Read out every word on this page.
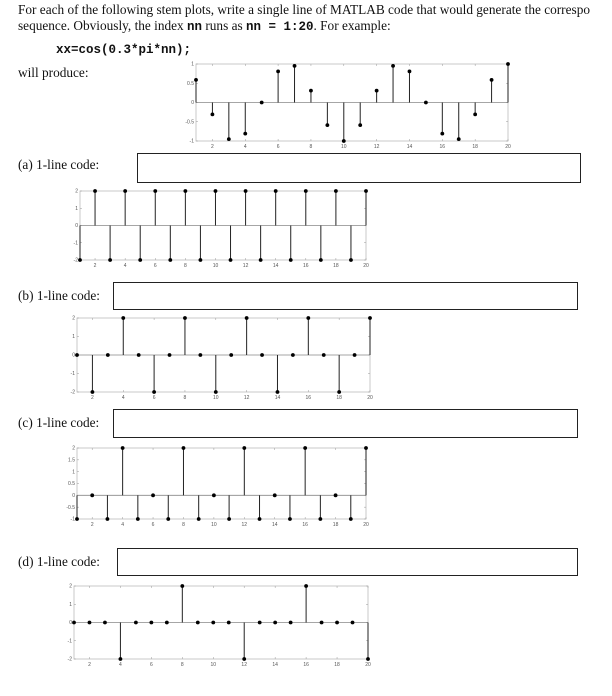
For each of the following stem plots, write a single line of MATLAB code that would generate the correspo
sequence. Obviously, the index nn runs as nn = 1:20. For example:
xx=cos(0.3*pi*nn);
will produce:
(a) 1-line code:
(b) 1-line code:
(c) 1-line code:
(d) 1-line code:
2	4	6	8	10	12	14	16	18	20
-1
-0.5
0
0.5
1
2	4	6	8	10	12	14	16	18	20
-2
-1
0
1
2
2	4	6	8	10	12	14	16	18	20
-2
-1
0
1
2
2	4	6	8	10	12	14	16	18	20
-1
-0.5
0
0.5
1
1.5
2
2	4	6	8	10	12	14	16	18	20
-2
-1
0
1
2
